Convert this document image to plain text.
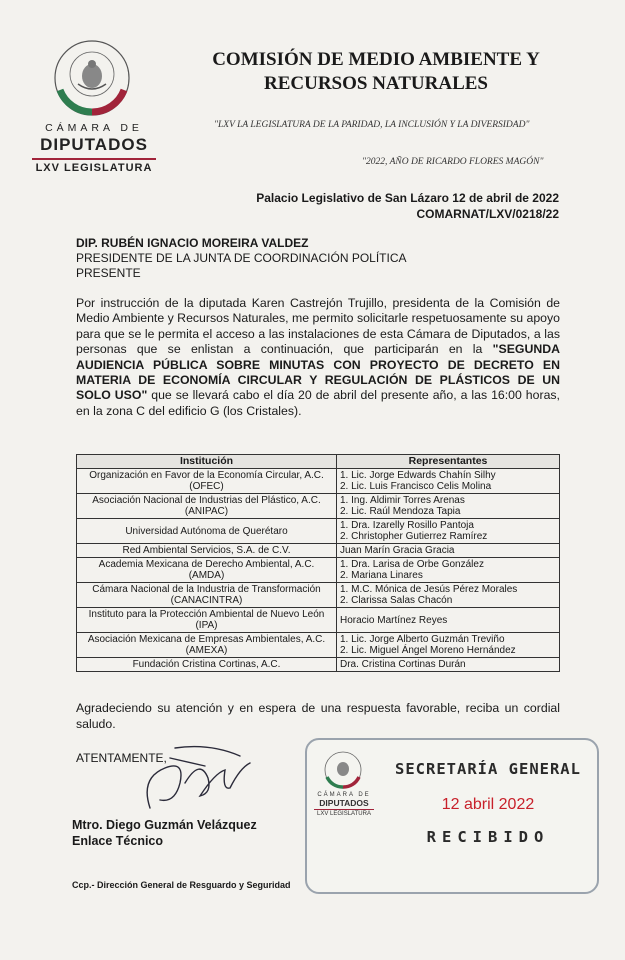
CÁMARA DE
DIPUTADOS
LXV LEGISLATURA
COMISIÓN DE MEDIO AMBIENTE Y RECURSOS NATURALES
"LXV LA LEGISLATURA DE LA PARIDAD, LA INCLUSIÓN Y LA DIVERSIDAD"
"2022, AÑO DE RICARDO FLORES MAGÓN"
Palacio Legislativo de San Lázaro 12 de abril de 2022
COMARNAT/LXV/0218/22
DIP. RUBÉN IGNACIO MOREIRA VALDEZ
PRESIDENTE DE LA JUNTA DE COORDINACIÓN POLÍTICA
PRESENTE
Por instrucción de la diputada Karen Castrejón Trujillo, presidenta de la Comisión de Medio Ambiente y Recursos Naturales, me permito solicitarle respetuosamente su apoyo para que se le permita el acceso a las instalaciones de esta Cámara de Diputados, a las personas que se enlistan a continuación, que participarán en la "SEGUNDA AUDIENCIA PÚBLICA SOBRE MINUTAS CON PROYECTO DE DECRETO EN MATERIA DE ECONOMÍA CIRCULAR Y REGULACIÓN DE PLÁSTICOS DE UN SOLO USO" que se llevará cabo el día 20 de abril del presente año, a las 16:00 horas, en la zona C del edificio G (los Cristales).
Institución	Representantes
Organización en Favor de la Economía Circular, A.C. (OFEC)	1. Lic. Jorge Edwards Chahín Silhy
2. Lic. Luis Francisco Celis Molina

Asociación Nacional de Industrias del Plástico, A.C. (ANIPAC)	1. Ing. Aldimir Torres Arenas
2. Lic. Raúl Mendoza Tapia

Universidad Autónoma de Querétaro	1. Dra. Izarelly Rosillo Pantoja
2. Christopher Gutierrez Ramírez

Red Ambiental Servicios, S.A. de C.V.	Juan Marín Gracia Gracia

Academia Mexicana de Derecho Ambiental, A.C. (AMDA)	1. Dra. Larisa de Orbe González
2. Mariana Linares

Cámara Nacional de la Industria de Transformación (CANACINTRA)	1. M.C. Mónica de Jesús Pérez Morales
2. Clarissa Salas Chacón

Instituto para la Protección Ambiental de Nuevo León (IPA)	Horacio Martínez Reyes

Asociación Mexicana de Empresas Ambientales, A.C. (AMEXA)	1. Lic. Jorge Alberto Guzmán Treviño
2. Lic. Miguel Ángel Moreno Hernández

Fundación Cristina Cortinas, A.C.	Dra. Cristina Cortinas Durán
Agradeciendo su atención y en espera de una respuesta favorable, reciba un cordial saludo.
ATENTAMENTE,
Mtro. Diego Guzmán Velázquez
Enlace Técnico
Ccp.- Dirección General de Resguardo y Seguridad
CÁMARA DE
DIPUTADOS
LXV LEGISLATURA
SECRETARÍA GENERAL
12 abril 2022
RECIBIDO
